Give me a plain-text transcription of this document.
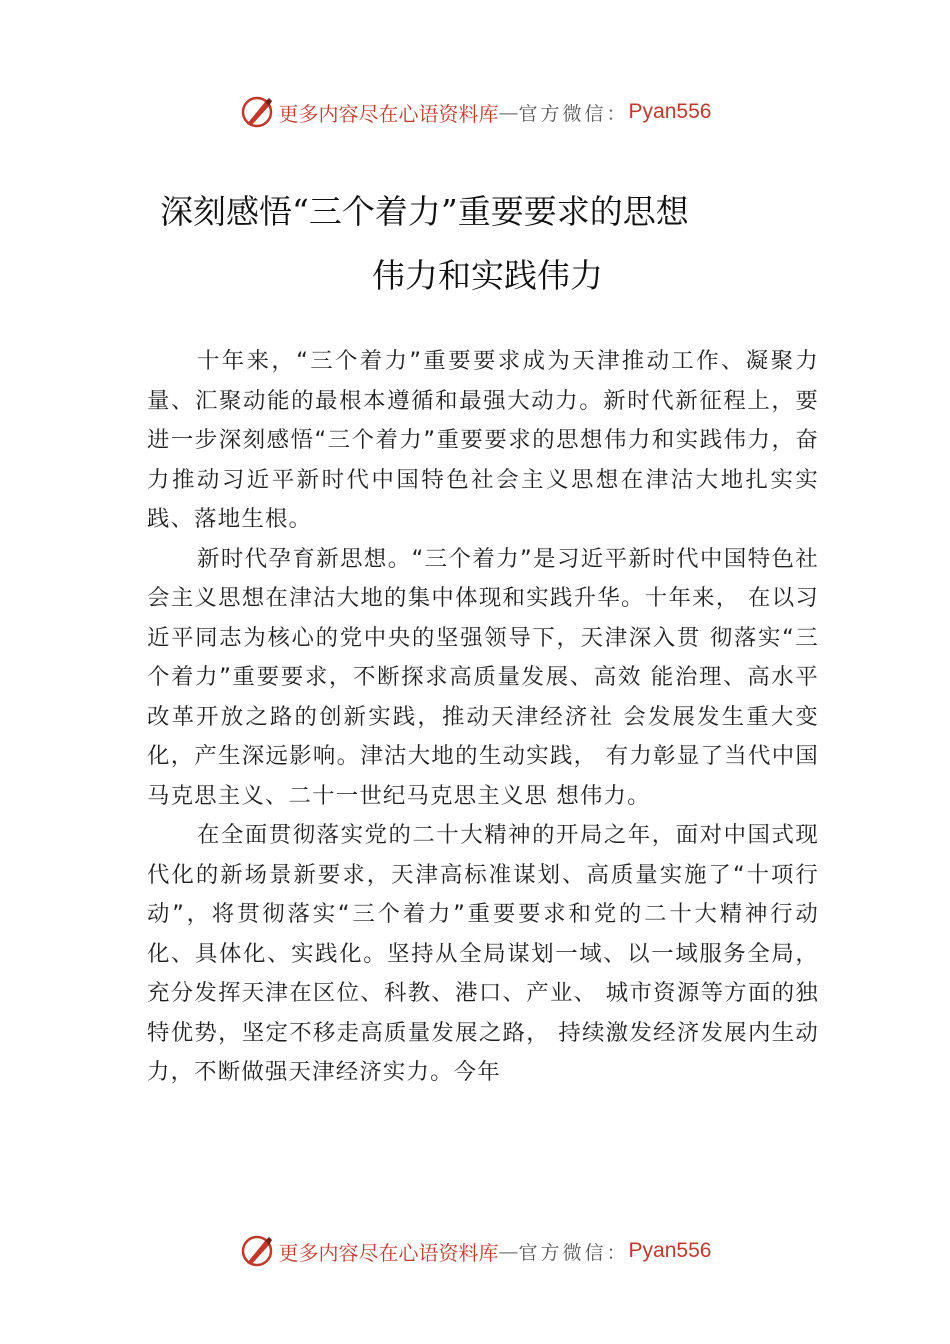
更多内容尽在心语资料库 — 官方微信： Pyan556
深刻感悟“三个着力”重要要求的思想
伟力和实践伟力

十年来，“三个着力”重要要求成为天津推动工作、凝聚力量、汇聚动能的最根本遵循和最强大动力。新时代新征程上，要进一步深刻感悟“三个着力”重要要求的思想伟力和实践伟力，奋力推动习近平新时代中国特色社会主义思想在津沽大地扎实实践、落地生根。

新时代孕育新思想。“三个着力”是习近平新时代中国特色社会主义思想在津沽大地的集中体现和实践升华。十年来， 在以习近平同志为核心的党中央的坚强领导下，天津深入贯 彻落实“三个着力”重要要求，不断探求高质量发展、高效 能治理、高水平改革开放之路的创新实践，推动天津经济社 会发展发生重大变化，产生深远影响。津沽大地的生动实践， 有力彰显了当代中国马克思主义、二十一世纪马克思主义思 想伟力。

在全面贯彻落实党的二十大精神的开局之年，面对中国式现代化的新场景新要求，天津高标准谋划、高质量实施了“十项行动”，将贯彻落实“三个着力”重要要求和党的二十大精神行动化、具体化、实践化。坚持从全局谋划一域、以一域服务全局，充分发挥天津在区位、科教、港口、产业、 城市资源等方面的独特优势，坚定不移走高质量发展之路， 持续激发经济发展内生动力，不断做强天津经济实力。今年

更多内容尽在心语资料库 — 官方微信： Pyan556
